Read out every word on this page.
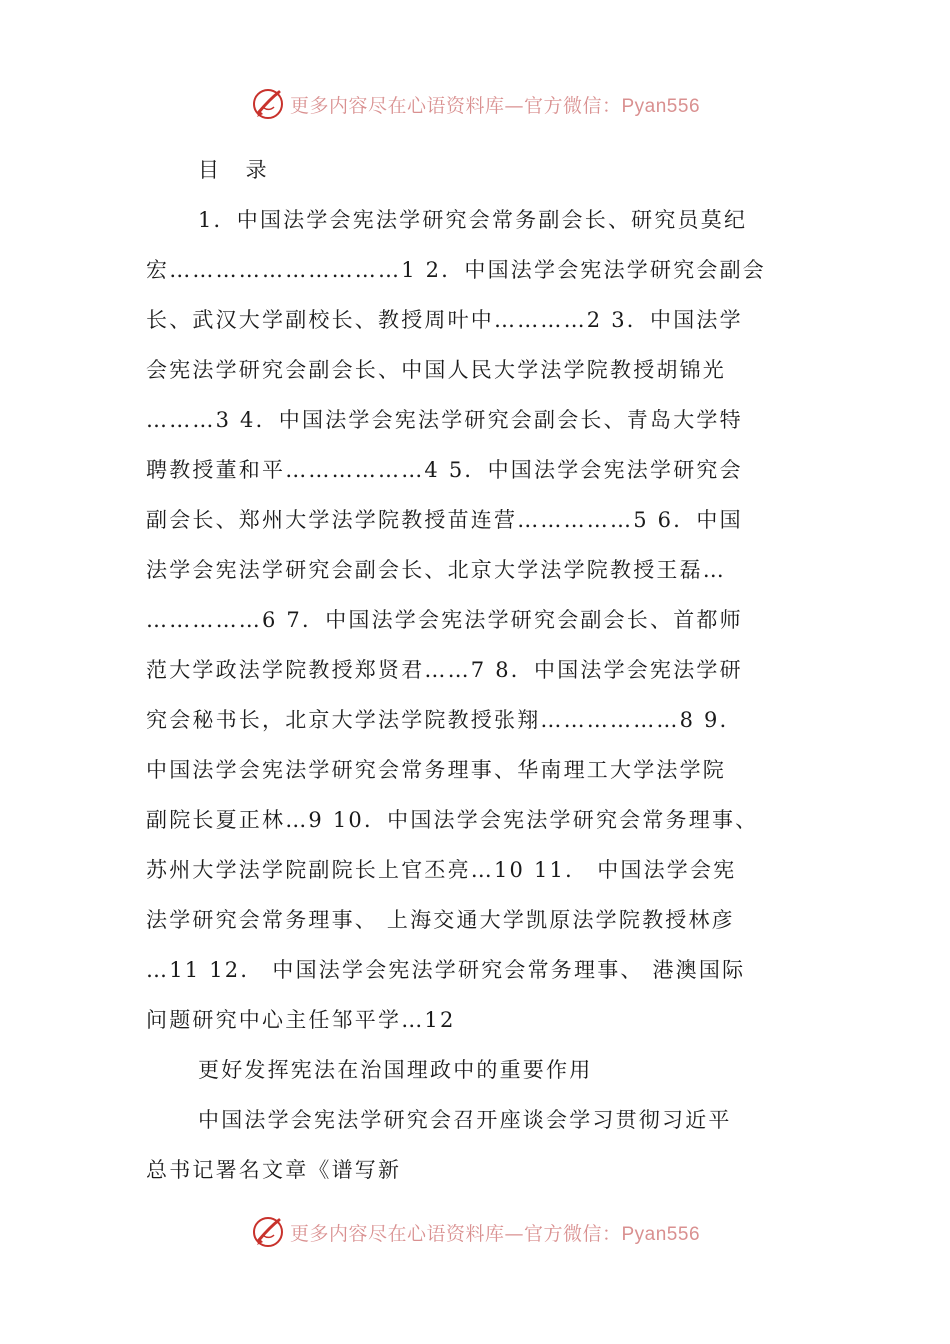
更多内容尽在心语资料库—官方微信：Pyan556
目 录
1．中国法学会宪法学研究会常务副会长、研究员莫纪
宏…………………………1 2．中国法学会宪法学研究会副会
长、武汉大学副校长、教授周叶中…………2 3．中国法学
会宪法学研究会副会长、中国人民大学法学院教授胡锦光
………3 4．中国法学会宪法学研究会副会长、青岛大学特
聘教授董和平………………4 5．中国法学会宪法学研究会
副会长、郑州大学法学院教授苗连营……………5 6．中国
法学会宪法学研究会副会长、北京大学法学院教授王磊…
……………6 7．中国法学会宪法学研究会副会长、首都师
范大学政法学院教授郑贤君……7 8．中国法学会宪法学研
究会秘书长，北京大学法学院教授张翔………………8 9．
中国法学会宪法学研究会常务理事、华南理工大学法学院
副院长夏正林…9 10．中国法学会宪法学研究会常务理事、
苏州大学法学院副院长上官丕亮…10 11． 中国法学会宪
法学研究会常务理事、 上海交通大学凯原法学院教授林彦
…11 12． 中国法学会宪法学研究会常务理事、 港澳国际
问题研究中心主任邹平学…12
更好发挥宪法在治国理政中的重要作用
中国法学会宪法学研究会召开座谈会学习贯彻习近平
总书记署名文章《谱写新
更多内容尽在心语资料库—官方微信：Pyan556
